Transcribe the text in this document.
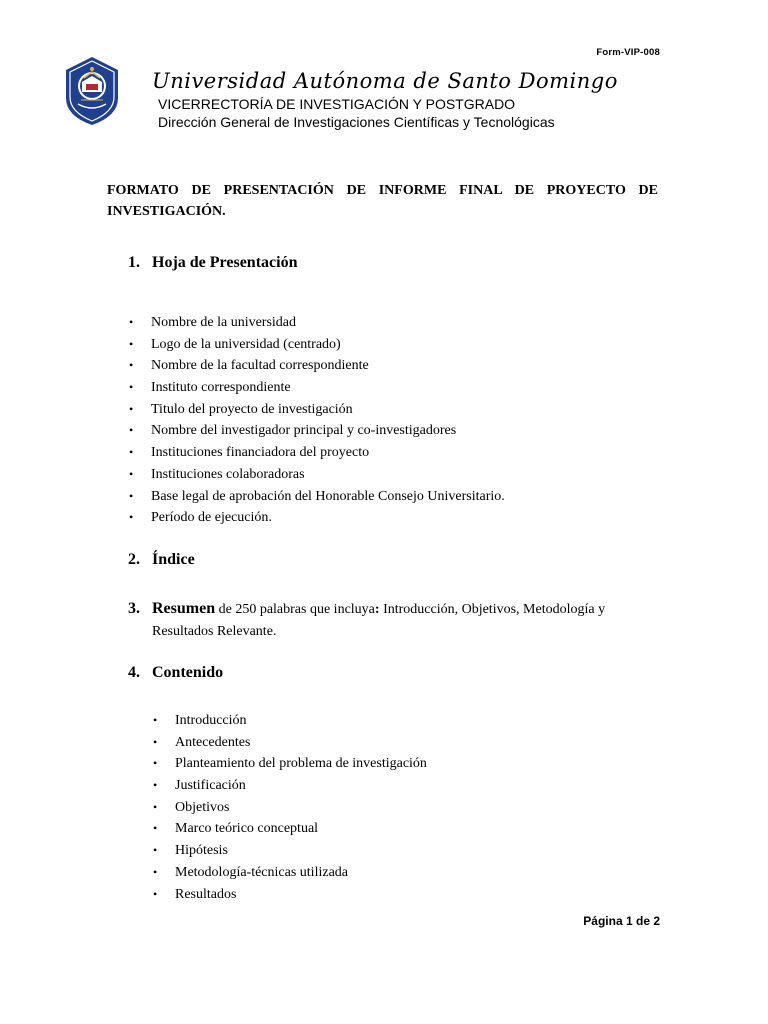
Form-VIP-008
Universidad Autónoma de Santo Domingo
VICERRECTORÍA DE INVESTIGACIÓN Y POSTGRADO
Dirección General de Investigaciones Científicas y Tecnológicas
FORMATO DE PRESENTACIÓN DE INFORME FINAL DE PROYECTO DE INVESTIGACIÓN.
1. Hoja de Presentación
• Nombre de la universidad
• Logo de la universidad (centrado)
• Nombre de la facultad correspondiente
• Instituto correspondiente
• Titulo del proyecto de investigación
• Nombre del investigador principal y co-investigadores
• Instituciones financiadora del proyecto
• Instituciones colaboradoras
• Base legal de aprobación del Honorable Consejo Universitario.
• Período de ejecución.
2. Índice

3. Resumen de 250 palabras que incluya: Introducción, Objetivos, Metodología y
Resultados Relevante.

4. Contenido
• Introducción
• Antecedentes
• Planteamiento del problema de investigación
• Justificación
• Objetivos
• Marco teórico conceptual
• Hipótesis
• Metodología-técnicas utilizada
• Resultados
Página 1 de 2
